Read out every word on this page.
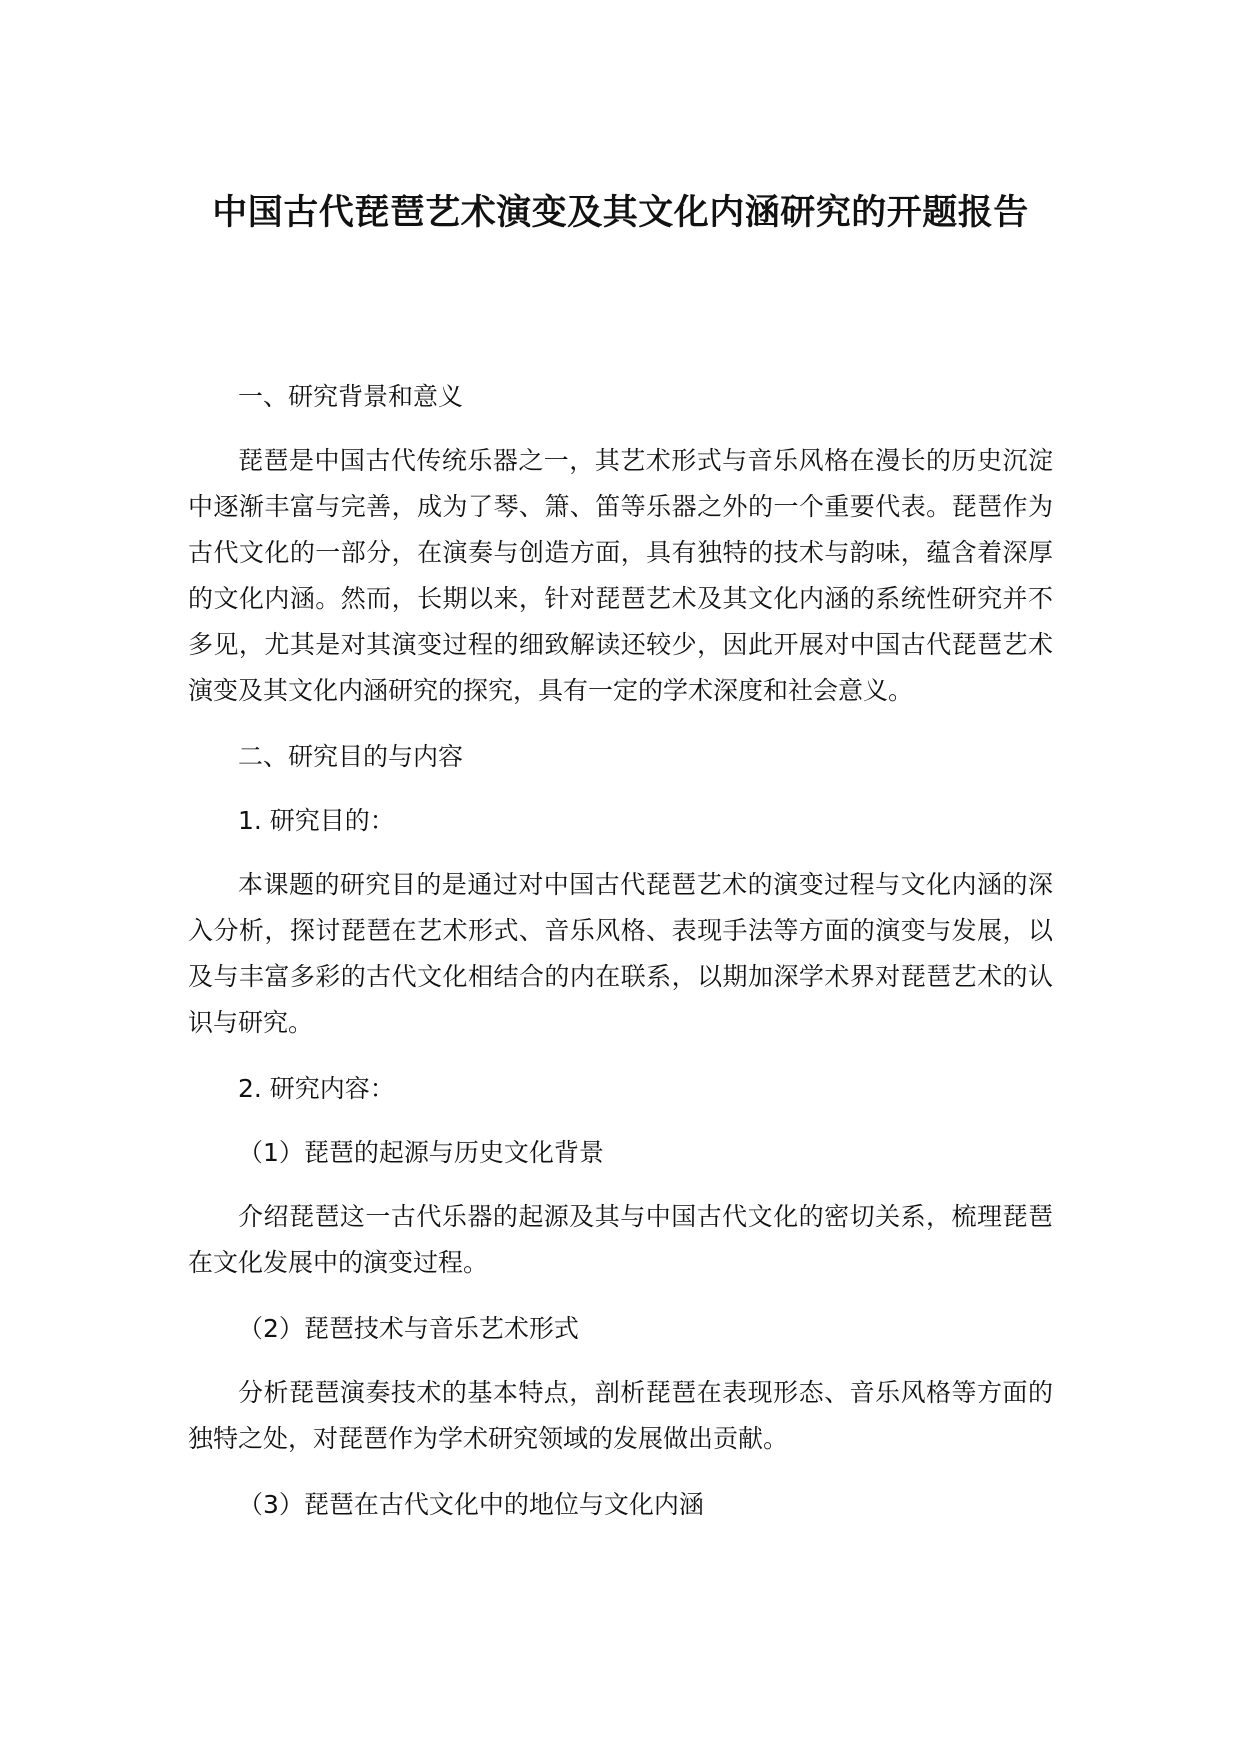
中国古代琵琶艺术演变及其文化内涵研究的开题报告

一、研究背景和意义

琵琶是中国古代传统乐器之一，其艺术形式与音乐风格在漫长的历史沉淀中逐渐丰富与完善，成为了琴、箫、笛等乐器之外的一个重要代表。琵琶作为古代文化的一部分，在演奏与创造方面，具有独特的技术与韵味，蕴含着深厚的文化内涵。然而，长期以来，针对琵琶艺术及其文化内涵的系统性研究并不多见，尤其是对其演变过程的细致解读还较少，因此开展对中国古代琵琶艺术演变及其文化内涵研究的探究，具有一定的学术深度和社会意义。

二、研究目的与内容

1. 研究目的：

本课题的研究目的是通过对中国古代琵琶艺术的演变过程与文化内涵的深入分析，探讨琵琶在艺术形式、音乐风格、表现手法等方面的演变与发展，以及与丰富多彩的古代文化相结合的内在联系，以期加深学术界对琵琶艺术的认识与研究。

2. 研究内容：

（1）琵琶的起源与历史文化背景

介绍琵琶这一古代乐器的起源及其与中国古代文化的密切关系，梳理琵琶在文化发展中的演变过程。

（2）琵琶技术与音乐艺术形式

分析琵琶演奏技术的基本特点，剖析琵琶在表现形态、音乐风格等方面的独特之处，对琵琶作为学术研究领域的发展做出贡献。

（3）琵琶在古代文化中的地位与文化内涵
